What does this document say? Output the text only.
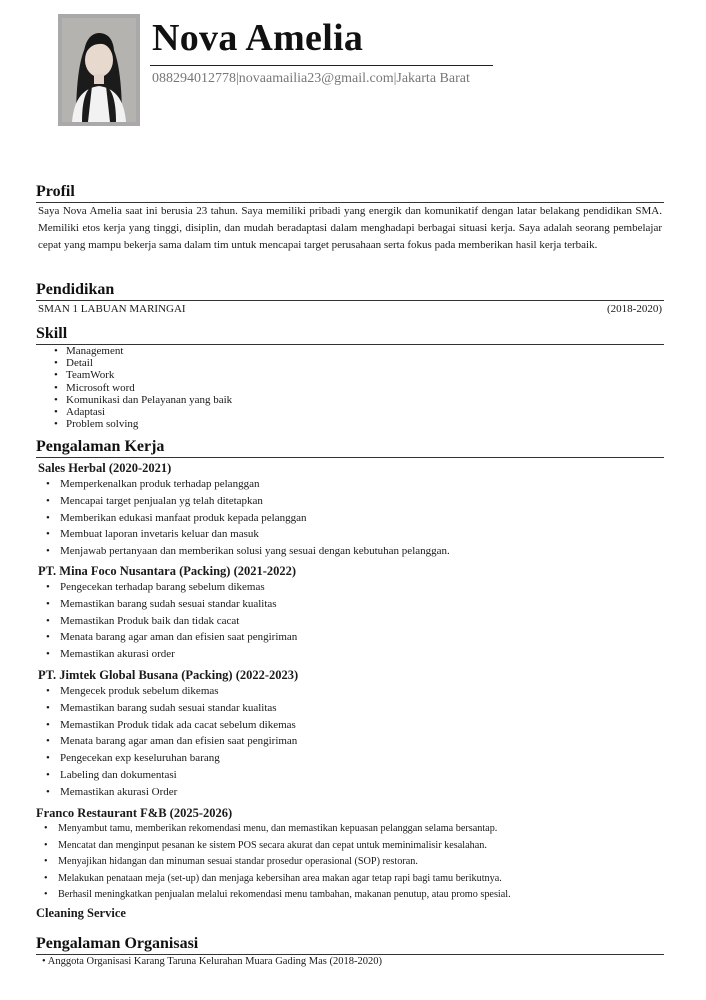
Nova Amelia
088294012778|novaamailia23@gmail.com|Jakarta Barat
Profil
Saya Nova Amelia saat ini berusia 23 tahun. Saya memiliki pribadi yang energik dan komunikatif dengan latar belakang pendidikan SMA. Memiliki etos kerja yang tinggi, disiplin, dan mudah beradaptasi dalam menghadapi berbagai situasi kerja. Saya adalah seorang pembelajar cepat yang mampu bekerja sama dalam tim untuk mencapai target perusahaan serta fokus pada memberikan hasil kerja terbaik.
Pendidikan
SMAN 1 LABUAN MARINGAI	(2018-2020)
Skill
• Management
• Detail
• TeamWork
• Microsoft word
• Komunikasi dan Pelayanan yang baik
• Adaptasi
• Problem solving
Pengalaman Kerja
Sales Herbal (2020-2021)
• Memperkenalkan produk terhadap pelanggan
• Mencapai target penjualan yg telah ditetapkan
• Memberikan edukasi manfaat produk kepada pelanggan
• Membuat laporan invetaris keluar dan masuk
• Menjawab pertanyaan dan memberikan solusi yang sesuai dengan kebutuhan pelanggan.
PT. Mina Foco Nusantara (Packing) (2021-2022)
• Pengecekan terhadap barang sebelum dikemas
• Memastikan barang sudah sesuai standar kualitas
• Memastikan Produk baik dan tidak cacat
• Menata barang agar aman dan efisien saat pengiriman
• Memastikan akurasi order
PT. Jimtek Global Busana (Packing) (2022-2023)
• Mengecek produk sebelum dikemas
• Memastikan barang sudah sesuai standar kualitas
• Memastikan Produk tidak ada cacat sebelum dikemas
• Menata barang agar aman dan efisien saat pengiriman
• Pengecekan exp keseluruhan barang
• Labeling dan dokumentasi
• Memastikan akurasi Order
Franco Restaurant F&B (2025-2026)
• Menyambut tamu, memberikan rekomendasi menu, dan memastikan kepuasan pelanggan selama bersantap.
• Mencatat dan menginput pesanan ke sistem POS secara akurat dan cepat untuk meminimalisir kesalahan.
• Menyajikan hidangan dan minuman sesuai standar prosedur operasional (SOP) restoran.
• Melakukan penataan meja (set-up) dan menjaga kebersihan area makan agar tetap rapi bagi tamu berikutnya.
• Berhasil meningkatkan penjualan melalui rekomendasi menu tambahan, makanan penutup, atau promo spesial.
Cleaning Service
Pengalaman Organisasi
• Anggota Organisasi Karang Taruna Kelurahan Muara Gading Mas (2018-2020)
